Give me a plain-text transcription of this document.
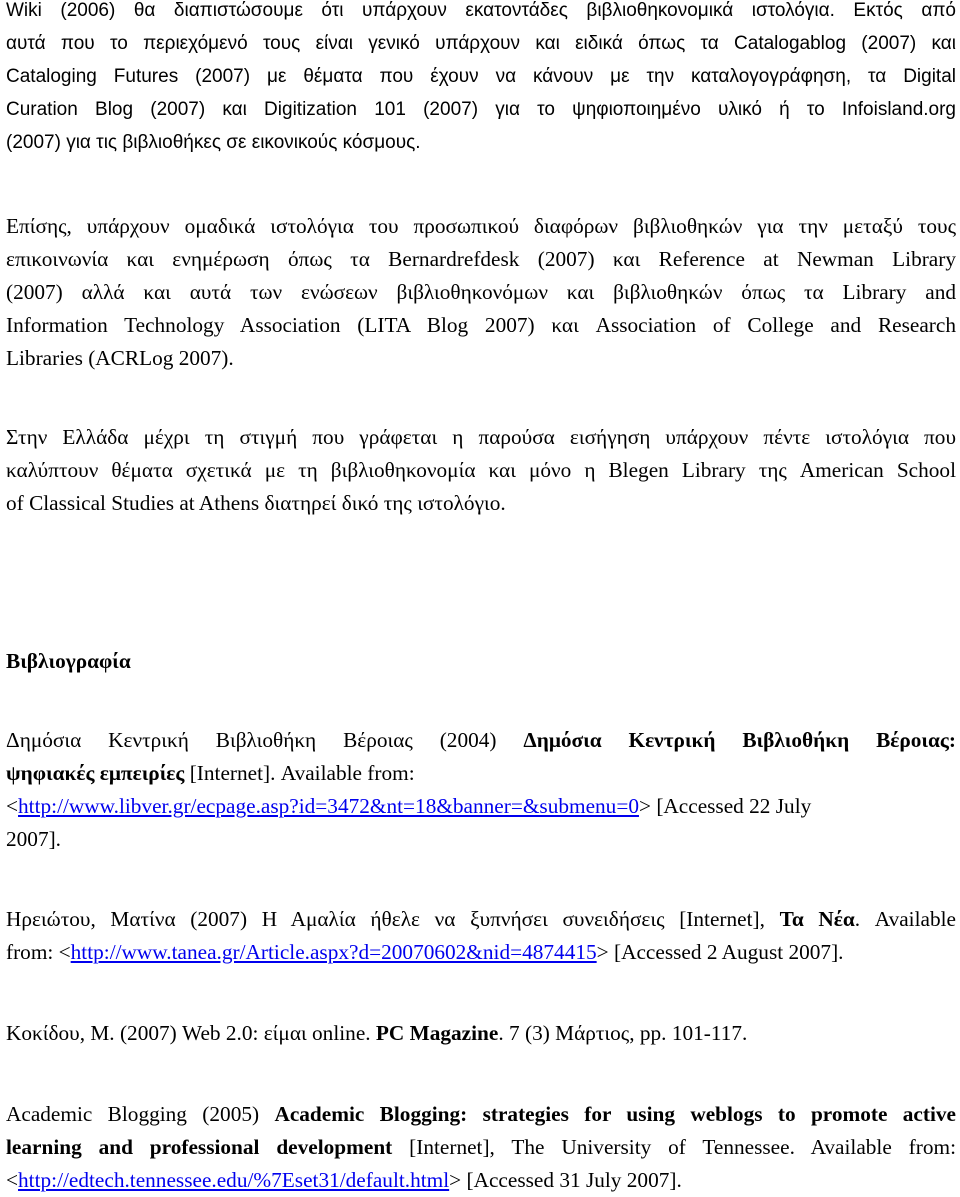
Wiki (2006) θα διαπιστώσουμε ότι υπάρχουν εκατοντάδες βιβλιοθηκονομικά ιστολόγια. Εκτός από
αυτά που το περιεχόμενό τους είναι γενικό υπάρχουν και ειδικά όπως τα Catalogablog (2007) και
Cataloging Futures (2007) με θέματα που έχουν να κάνουν με την καταλογογράφηση, τα Digital
Curation Blog (2007) και Digitization 101 (2007) για το ψηφιοποιημένο υλικό ή το Infoisland.org
(2007) για τις βιβλιοθήκες σε εικονικούς κόσμους.
Επίσης, υπάρχουν ομαδικά ιστολόγια του προσωπικού διαφόρων βιβλιοθηκών για την μεταξύ τους
επικοινωνία και ενημέρωση όπως τα Bernardrefdesk (2007) και Reference at Newman Library
(2007) αλλά και αυτά των ενώσεων βιβλιοθηκονόμων και βιβλιοθηκών όπως τα Library and
Information Technology Association (LITA Blog 2007) και Association of College and Research
Libraries (ACRLog 2007).
Στην Ελλάδα μέχρι τη στιγμή που γράφεται η παρούσα εισήγηση υπάρχουν πέντε ιστολόγια που
καλύπτουν θέματα σχετικά με τη βιβλιοθηκονομία και μόνο η Blegen Library της American School
of Classical Studies at Athens διατηρεί δικό της ιστολόγιο.
Βιβλιογραφία
Δημόσια Κεντρική Βιβλιοθήκη Βέροιας (2004) Δημόσια Κεντρική Βιβλιοθήκη Βέροιας:
ψηφιακές εμπειρίες [Internet]. Available from:
<http://www.libver.gr/ecpage.asp?id=3472&nt=18&banner=&submenu=0> [Accessed 22 July
2007].
Ηρειώτου, Ματίνα (2007) Η Αμαλία ήθελε να ξυπνήσει συνειδήσεις [Internet], Τα Νέα. Available
from: <http://www.tanea.gr/Article.aspx?d=20070602&nid=4874415> [Accessed 2 August 2007].
Κοκίδου, Μ. (2007) Web 2.0: είμαι online. PC Magazine. 7 (3) Μάρτιος, pp. 101-117.
Academic Blogging (2005) Academic Blogging: strategies for using weblogs to promote active
learning and professional development [Internet], The University of Tennessee. Available from:
<http://edtech.tennessee.edu/%7Eset31/default.html> [Accessed 31 July 2007].
